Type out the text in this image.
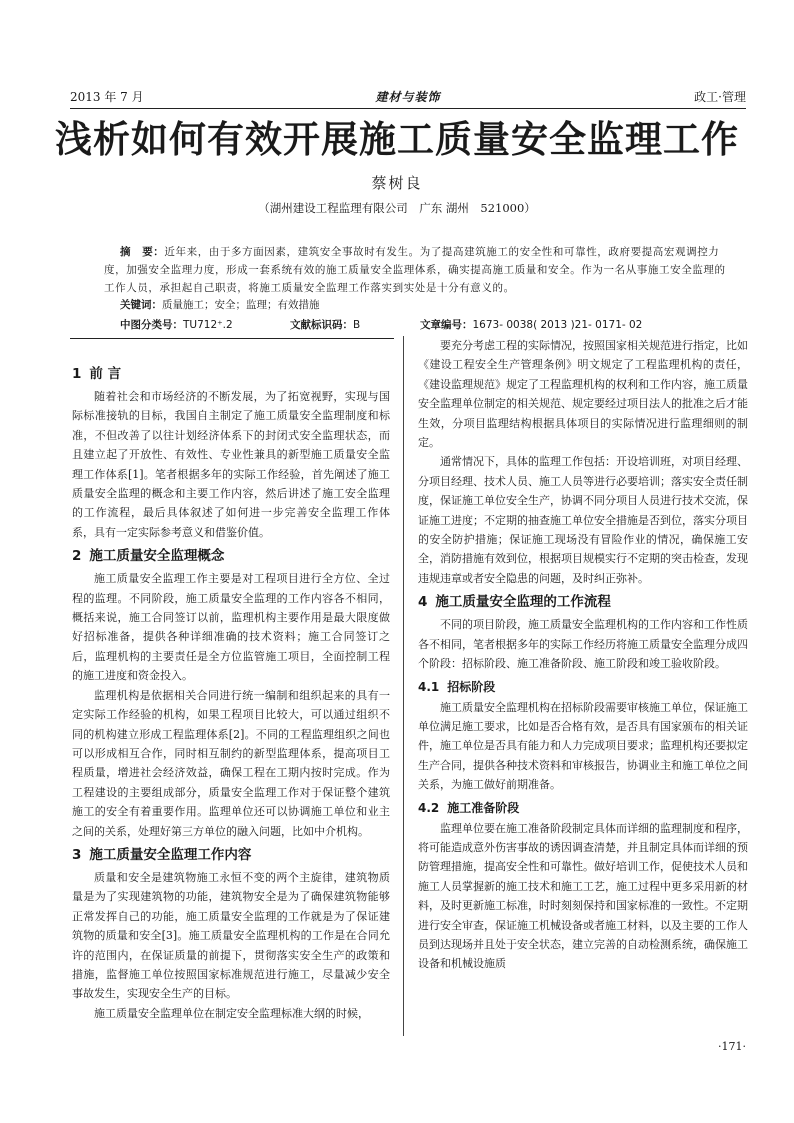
2013 年 7 月	建材与装饰	政工·管理
浅析如何有效开展施工质量安全监理工作
蔡树良
（湖州建设工程监理有限公司　广东 湖州　521000）
摘　要：近年来，由于多方面因素，建筑安全事故时有发生。为了提高建筑施工的安全性和可靠性，政府要提高宏观调控力度，加强安全监理力度，形成一套系统有效的施工质量安全监理体系，确实提高施工质量和安全。作为一名从事施工安全监理的工作人员，承担起自己职责，将施工质量安全监理工作落实到实处是十分有意义的。
关键词：质量施工；安全；监理；有效措施
中图分类号：TU712⁺.2	文献标识码：B	文章编号：1673- 0038( 2013 )21- 0171- 02
1 前 言

随着社会和市场经济的不断发展，为了拓宽视野，实现与国际标准接轨的目标，我国自主制定了施工质量安全监理制度和标准，不但改善了以往计划经济体系下的封闭式安全监理状态，而且建立起了开放性、有效性、专业性兼具的新型施工质量安全监理工作体系[1]。笔者根据多年的实际工作经验，首先阐述了施工质量安全监理的概念和主要工作内容，然后讲述了施工安全监理的工作流程，最后具体叙述了如何进一步完善安全监理工作体系，具有一定实际参考意义和借鉴价值。

2 施工质量安全监理概念

施工质量安全监理工作主要是对工程项目进行全方位、全过程的监理。不同阶段，施工质量安全监理的工作内容各不相同，概括来说，施工合同签订以前，监理机构主要作用是最大限度做好招标准备，提供各种详细准确的技术资料；施工合同签订之后，监理机构的主要责任是全方位监管施工项目，全面控制工程的施工进度和资金投入。

监理机构是依据相关合同进行统一编制和组织起来的具有一定实际工作经验的机构，如果工程项目比较大，可以通过组织不同的机构建立形成工程监理体系[2]。不同的工程监理组织之间也可以形成相互合作，同时相互制约的新型监理体系，提高项目工程质量，增进社会经济效益，确保工程在工期内按时完成。作为工程建设的主要组成部分，质量安全监理工作对于保证整个建筑施工的安全有着重要作用。监理单位还可以协调施工单位和业主之间的关系，处理好第三方单位的融入问题，比如中介机构。

3 施工质量安全监理工作内容

质量和安全是建筑物施工永恒不变的两个主旋律，建筑物质量是为了实现建筑物的功能，建筑物安全是为了确保建筑物能够正常发挥自己的功能，施工质量安全监理的工作就是为了保证建筑物的质量和安全[3]。施工质量安全监理机构的工作是在合同允许的范围内，在保证质量的前提下，贯彻落实安全生产的政策和措施，监督施工单位按照国家标准规范进行施工，尽量减少安全事故发生，实现安全生产的目标。

施工质量安全监理单位在制定安全监理标准大纲的时候，

要充分考虑工程的实际情况，按照国家相关规范进行指定，比如《建设工程安全生产管理条例》明文规定了工程监理机构的责任，《建设监理规范》规定了工程监理机构的权利和工作内容，施工质量安全监理单位制定的相关规范、规定要经过项目法人的批准之后才能生效，分项目监理结构根据具体项目的实际情况进行监理细则的制定。

通常情况下，具体的监理工作包括：开设培训班，对项目经理、分项目经理、技术人员、施工人员等进行必要培训；落实安全责任制度，保证施工单位安全生产，协调不同分项目人员进行技术交流，保证施工进度；不定期的抽查施工单位安全措施是否到位，落实分项目的安全防护措施；保证施工现场没有冒险作业的情况，确保施工安全，消防措施有效到位，根据项目规模实行不定期的突击检查，发现违规违章或者安全隐患的问题，及时纠正弥补。

4 施工质量安全监理的工作流程

不同的项目阶段，施工质量安全监理机构的工作内容和工作性质各不相同，笔者根据多年的实际工作经历将施工质量安全监理分成四个阶段：招标阶段、施工准备阶段、施工阶段和竣工验收阶段。

4.1 招标阶段

施工质量安全监理机构在招标阶段需要审核施工单位，保证施工单位满足施工要求，比如是否合格有效，是否具有国家颁布的相关证件，施工单位是否具有能力和人力完成项目要求；监理机构还要拟定生产合同，提供各种技术资料和审核报告，协调业主和施工单位之间关系，为施工做好前期准备。

4.2 施工准备阶段

监理单位要在施工准备阶段制定具体而详细的监理制度和程序，将可能造成意外伤害事故的诱因调查清楚，并且制定具体而详细的预防管理措施，提高安全性和可靠性。做好培训工作，促使技术人员和施工人员掌握新的施工技术和施工工艺，施工过程中更多采用新的材料，及时更新施工标准，时时刻刻保持和国家标准的一致性。不定期进行安全审查，保证施工机械设备或者施工材料，以及主要的工作人员到达现场并且处于安全状态，建立完善的自动检测系统，确保施工设备和机械设施质

·171·
